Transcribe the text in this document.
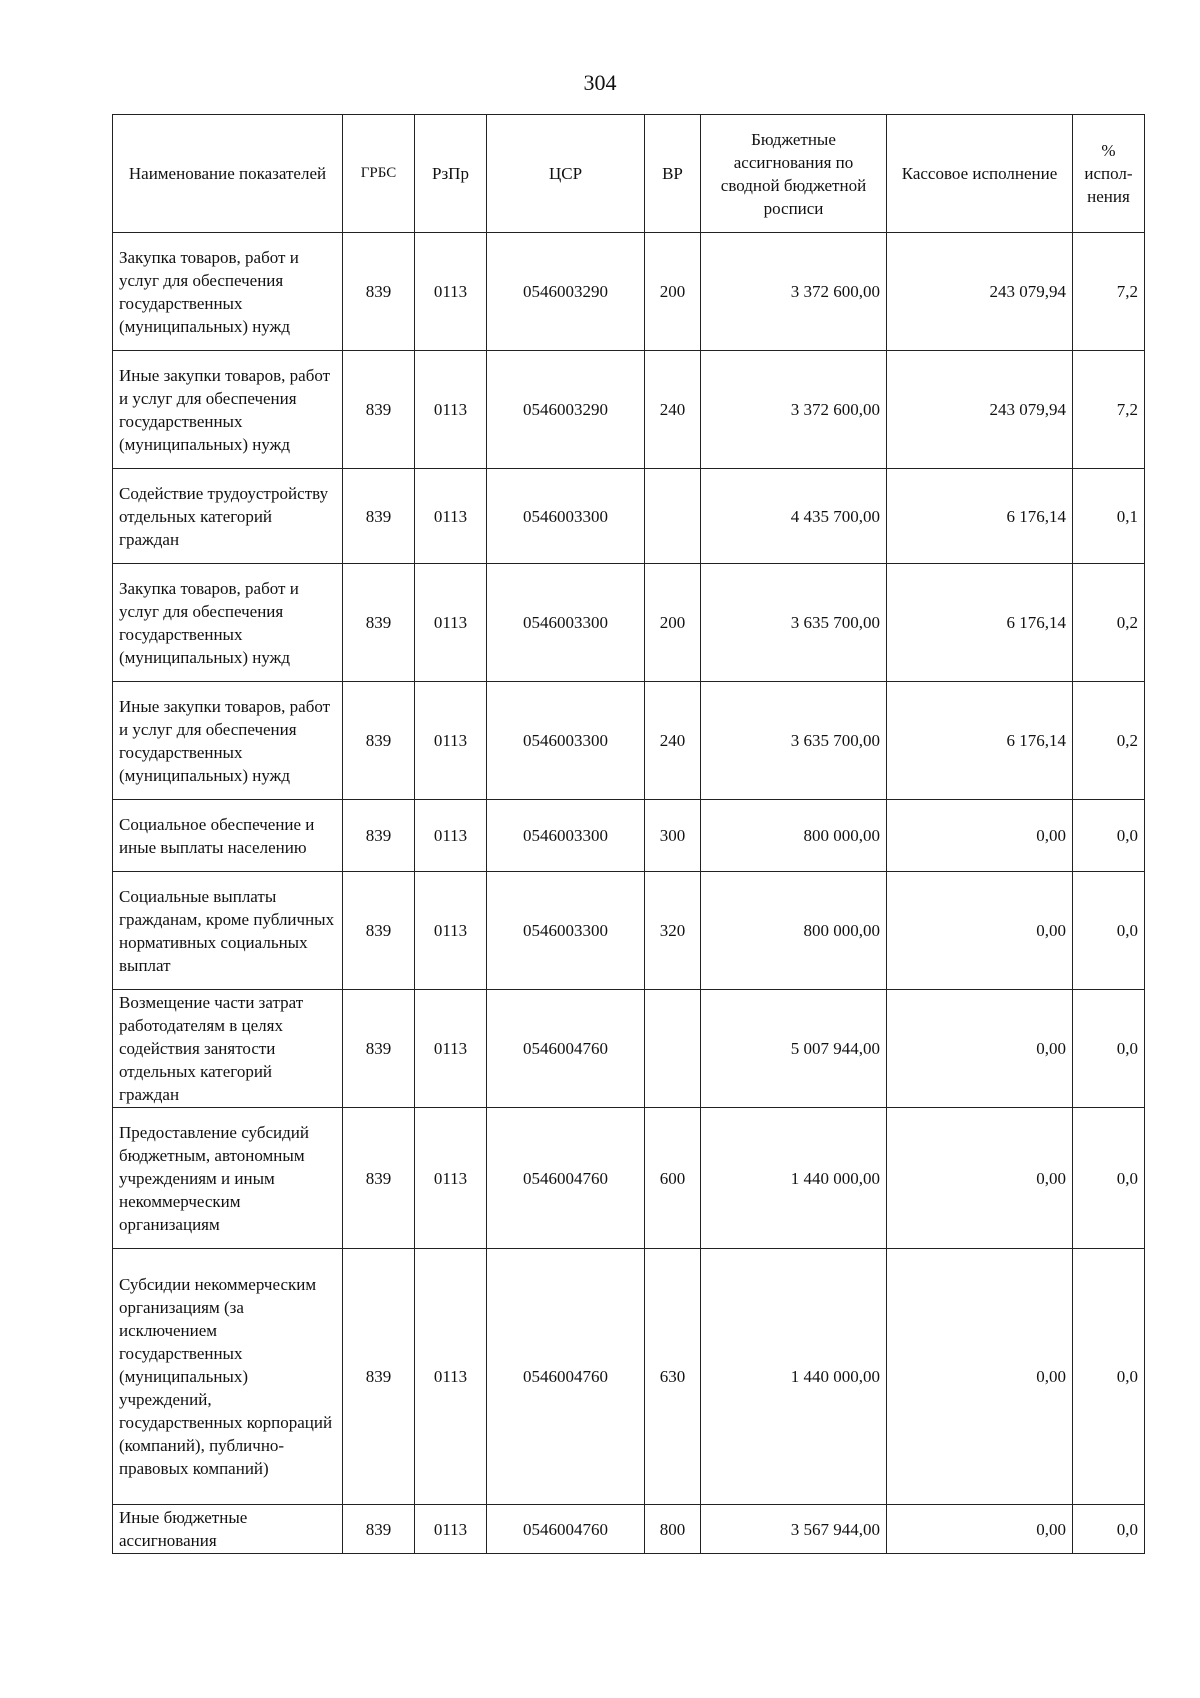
304
Наименование показателей	ГРБС	РзПр	ЦСР	ВР	Бюджетные ассигнования по сводной бюджетной росписи	Кассовое исполнение	% испол-нения
Закупка товаров, работ и услуг для обеспечения государственных (муниципальных) нужд	839	0113	0546003290	200	3 372 600,00	243 079,94	7,2
Иные закупки товаров, работ и услуг для обеспечения государственных (муниципальных) нужд	839	0113	0546003290	240	3 372 600,00	243 079,94	7,2
Содействие трудоустройству отдельных категорий граждан	839	0113	0546003300		4 435 700,00	6 176,14	0,1
Закупка товаров, работ и услуг для обеспечения государственных (муниципальных) нужд	839	0113	0546003300	200	3 635 700,00	6 176,14	0,2
Иные закупки товаров, работ и услуг для обеспечения государственных (муниципальных) нужд	839	0113	0546003300	240	3 635 700,00	6 176,14	0,2
Социальное обеспечение и иные выплаты населению	839	0113	0546003300	300	800 000,00	0,00	0,0
Социальные выплаты гражданам, кроме публичных нормативных социальных выплат	839	0113	0546003300	320	800 000,00	0,00	0,0
Возмещение части затрат работодателям в целях содействия занятости отдельных категорий граждан	839	0113	0546004760		5 007 944,00	0,00	0,0
Предоставление субсидий бюджетным, автономным учреждениям и иным некоммерческим организациям	839	0113	0546004760	600	1 440 000,00	0,00	0,0
Субсидии некоммерческим организациям (за исключением государственных (муниципальных) учреждений, государственных корпораций (компаний), публично-правовых компаний)	839	0113	0546004760	630	1 440 000,00	0,00	0,0
Иные бюджетные ассигнования	839	0113	0546004760	800	3 567 944,00	0,00	0,0
